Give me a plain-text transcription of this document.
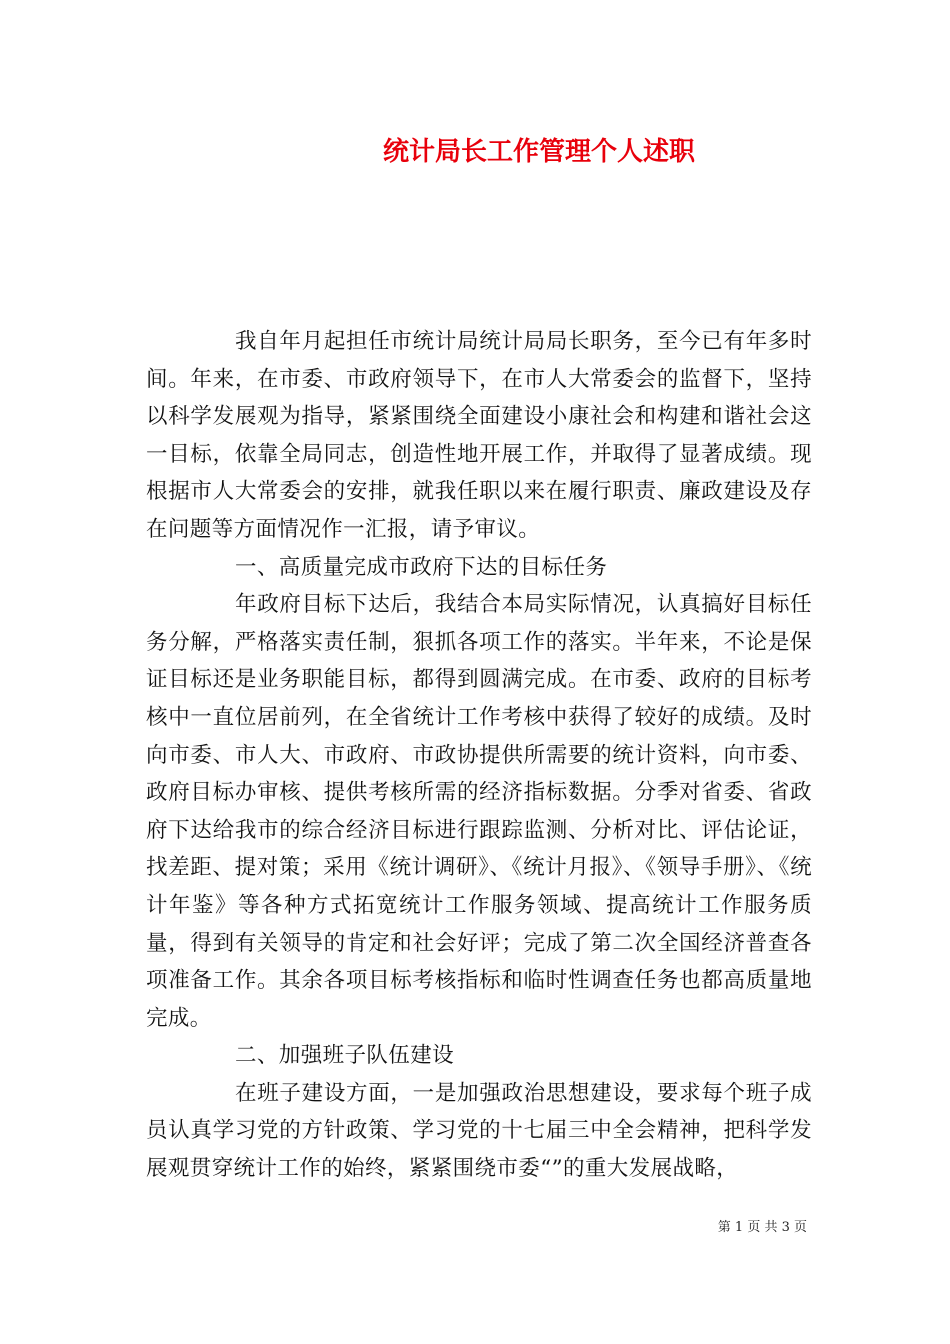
统计局长工作管理个人述职

我自年月起担任市统计局统计局局长职务，至今已有年多时间。年来，在市委、市政府领导下，在市人大常委会的监督下，坚持以科学发展观为指导，紧紧围绕全面建设小康社会和构建和谐社会这一目标，依靠全局同志，创造性地开展工作，并取得了显著成绩。现根据市人大常委会的安排，就我任职以来在履行职责、廉政建设及存在问题等方面情况作一汇报，请予审议。

一、高质量完成市政府下达的目标任务

年政府目标下达后，我结合本局实际情况，认真搞好目标任务分解，严格落实责任制，狠抓各项工作的落实。半年来，不论是保证目标还是业务职能目标，都得到圆满完成。在市委、政府的目标考核中一直位居前列，在全省统计工作考核中获得了较好的成绩。及时向市委、市人大、市政府、市政协提供所需要的统计资料，向市委、政府目标办审核、提供考核所需的经济指标数据。分季对省委、省政府下达给我市的综合经济目标进行跟踪监测、分析对比、评估论证，找差距、提对策；采用《统计调研》、《统计月报》、《领导手册》、《统计年鉴》等各种方式拓宽统计工作服务领域、提高统计工作服务质量，得到有关领导的肯定和社会好评；完成了第二次全国经济普查各项准备工作。其余各项目标考核指标和临时性调查任务也都高质量地完成。

二、加强班子队伍建设

在班子建设方面，一是加强政治思想建设，要求每个班子成员认真学习党的方针政策、学习党的十七届三中全会精神，把科学发展观贯穿统计工作的始终，紧紧围绕市委“”的重大发展战略，

第 1 页 共 3 页
